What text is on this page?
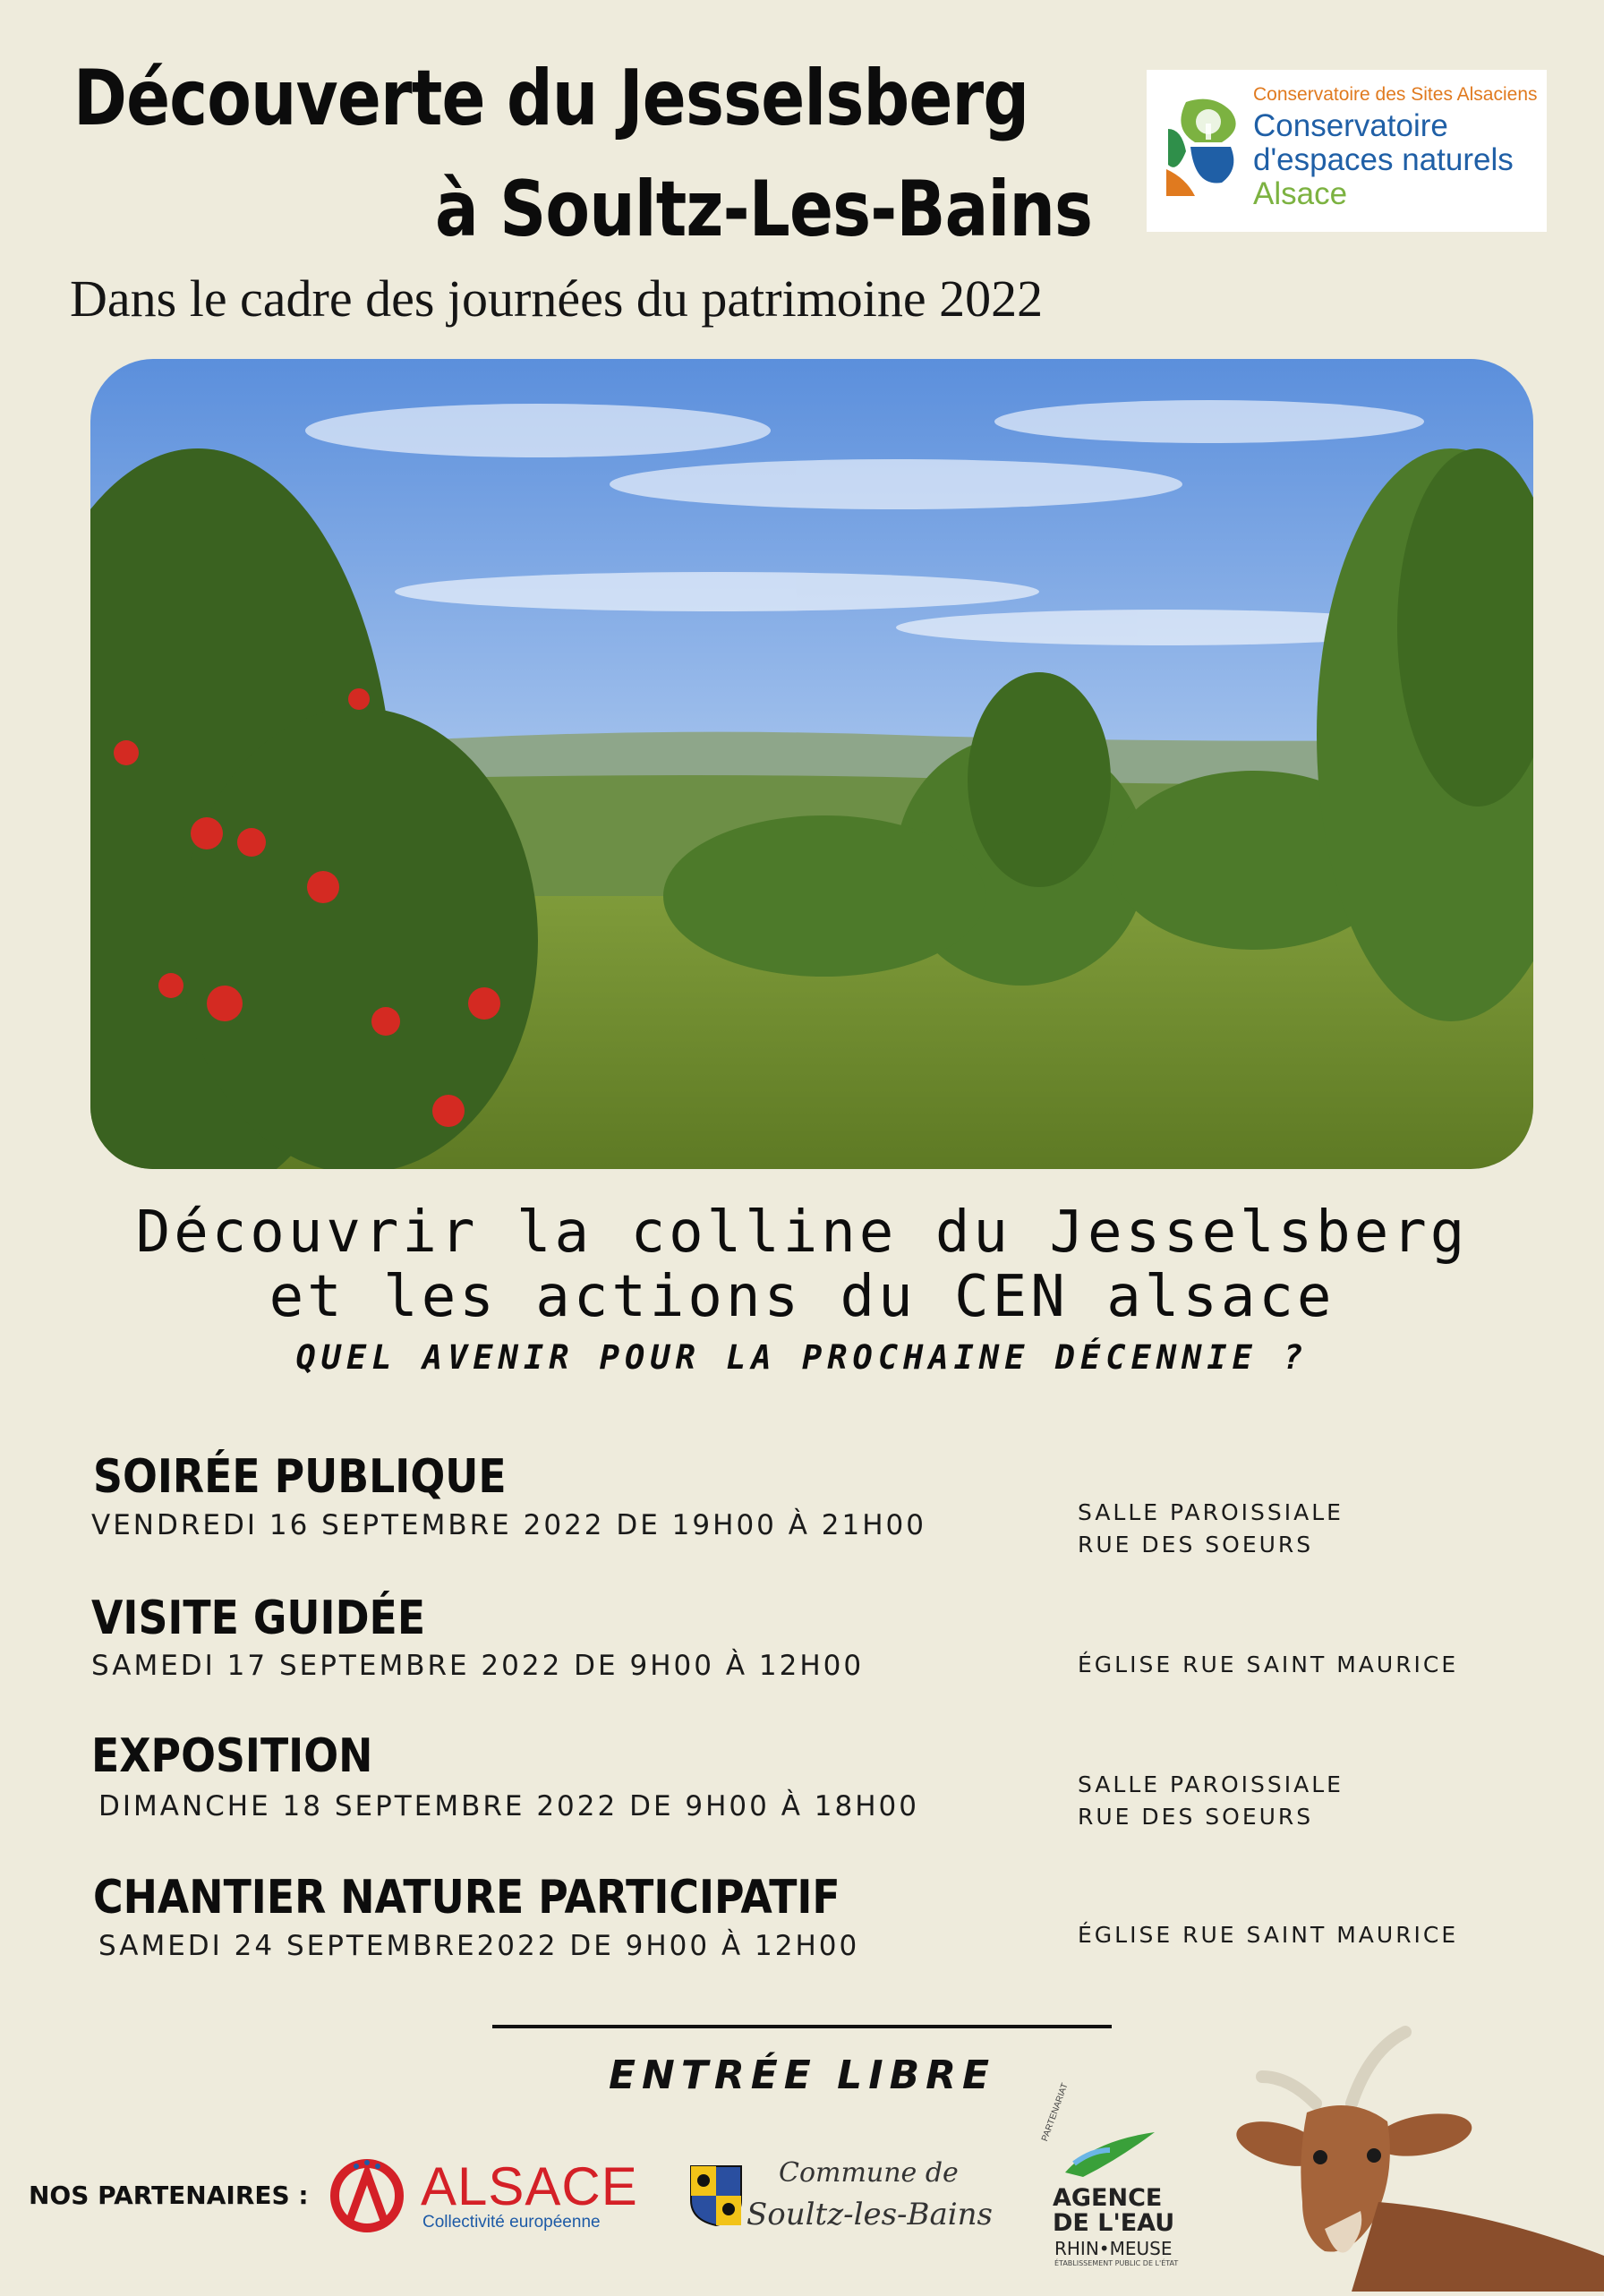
Découverte du Jesselsberg
à Soultz-Les-Bains
Dans le cadre des journées du patrimoine 2022
Conservatoire des Sites Alsaciens
Conservatoire
d'espaces naturels
Alsace
Découvrir la colline du Jesselsberg
et les actions du CEN alsace
QUEL AVENIR POUR LA PROCHAINE DÉCENNIE ?
SOIRÉE PUBLIQUE
VENDREDI 16 SEPTEMBRE 2022 DE 19H00 À 21H00	SALLE PAROISSIALE
RUE DES SOEURS
VISITE GUIDÉE
SAMEDI 17 SEPTEMBRE 2022 DE 9H00 À 12H00	ÉGLISE RUE SAINT MAURICE
EXPOSITION
DIMANCHE 18 SEPTEMBRE 2022 DE 9H00 À 18H00
SALLE PAROISSIALE
RUE DES SOEURS
CHANTIER NATURE PARTICIPATIF
SAMEDI 24 SEPTEMBRE2022 DE 9H00 À 12H00	ÉGLISE RUE SAINT MAURICE
ENTRÉE LIBRE
NOS PARTENAIRES : ALSACE
Collectivité européenne
Commune de
Soultz-les-Bains
PARTENARIAT
AGENCE
DE L'EAU
RHIN•MEUSE
ÉTABLISSEMENT PUBLIC DE L'ÉTAT
